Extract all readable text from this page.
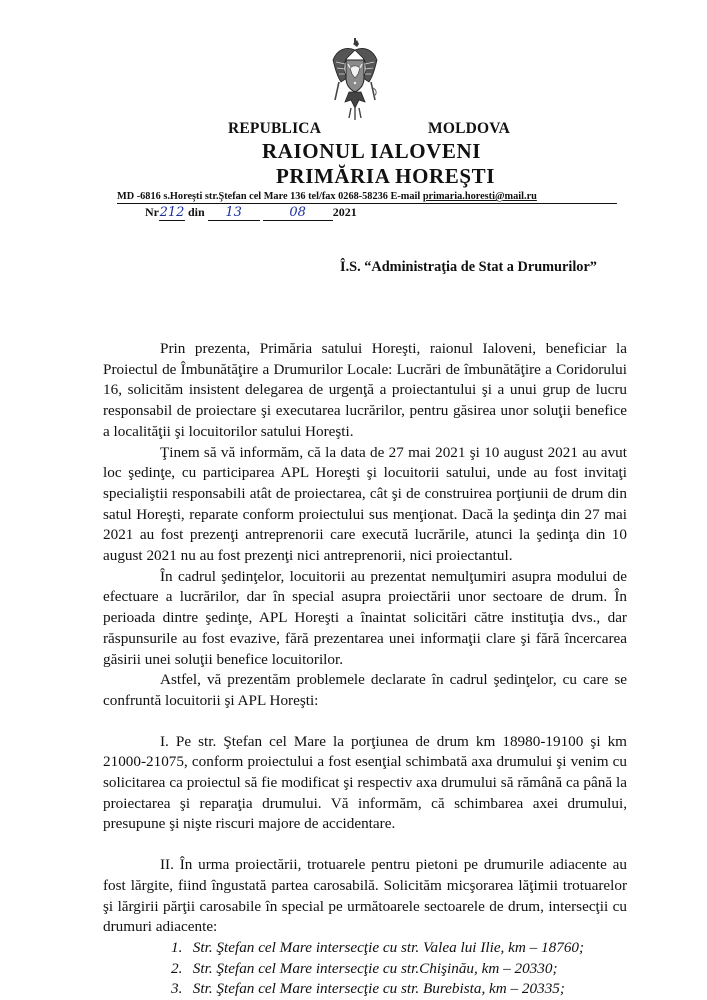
REPUBLICA	MOLDOVA
RAIONUL IALOVENI
PRIMĂRIA HOREŞTI
MD -6816 s.Horeşti str.Ştefan cel Mare 136 tel/fax 0268-58236 E-mail primaria.horesti@mail.ru
Nr212 din 13	08 2021
Î.S. “Administraţia de Stat a Drumurilor”

Prin prezenta, Primăria satului Horeşti, raionul Ialoveni, beneficiar la Proiectul de Îmbunătăţire a Drumurilor Locale: Lucrări de îmbunătăţire a Coridorului 16, solicităm insistent delegarea de urgenţă a proiectantului şi a unui grup de lucru responsabil de proiectare şi executarea lucrărilor, pentru găsirea unor soluţii benefice a localităţii şi locuitorilor satului Horeşti.

Ţinem să vă informăm, că la data de 27 mai 2021 şi 10 august 2021 au avut loc şedinţe, cu participarea APL Horeşti şi locuitorii satului, unde au fost invitaţi specialiştii responsabili atât de proiectarea, cât şi de construirea porţiunii de drum din satul Horeşti, reparate conform proiectului sus menţionat. Dacă la şedinţa din 27 mai 2021 au fost prezenţi antreprenorii care execută lucrările, atunci la şedinţa din 10 august 2021 nu au fost prezenţi nici antreprenorii, nici proiectantul.

În cadrul şedinţelor, locuitorii au prezentat nemulţumiri asupra modului de efectuare a lucrărilor, dar în special asupra proiectării unor sectoare de drum. În perioada dintre şedinţe, APL Horeşti a înaintat solicitări către instituţia dvs., dar răspunsurile au fost evazive, fără prezentarea unei informaţii clare şi fără încercarea găsirii unei soluţii benefice locuitorilor.

Astfel, vă prezentăm problemele declarate în cadrul şedinţelor, cu care se confruntă locuitorii şi APL Horeşti:

I. Pe str. Ştefan cel Mare la porţiunea de drum km 18980-19100 şi km 21000-21075, conform proiectului a fost esenţial schimbată axa drumului şi venim cu solicitarea ca proiectul să fie modificat şi respectiv axa drumului să rămână ca până la proiectarea şi reparaţia drumului. Vă informăm, că schimbarea axei drumului, presupune şi nişte riscuri majore de accidentare.

II. În urma proiectării, trotuarele pentru pietoni pe drumurile adiacente au fost lărgite, fiind îngustată partea carosabilă. Solicităm micşorarea lăţimii trotuarelor şi lărgirii părţii carosabile în special pe următoarele sectoarele de drum, intersecţii cu drumuri adiacente:

1. Str. Ştefan cel Mare intersecţie cu str. Valea lui Ilie, km – 18760;
2. Str. Ştefan cel Mare intersecţie cu str.Chişinău, km – 20330;
3. Str. Ştefan cel Mare intersecţie cu str. Burebista, km – 20335;
